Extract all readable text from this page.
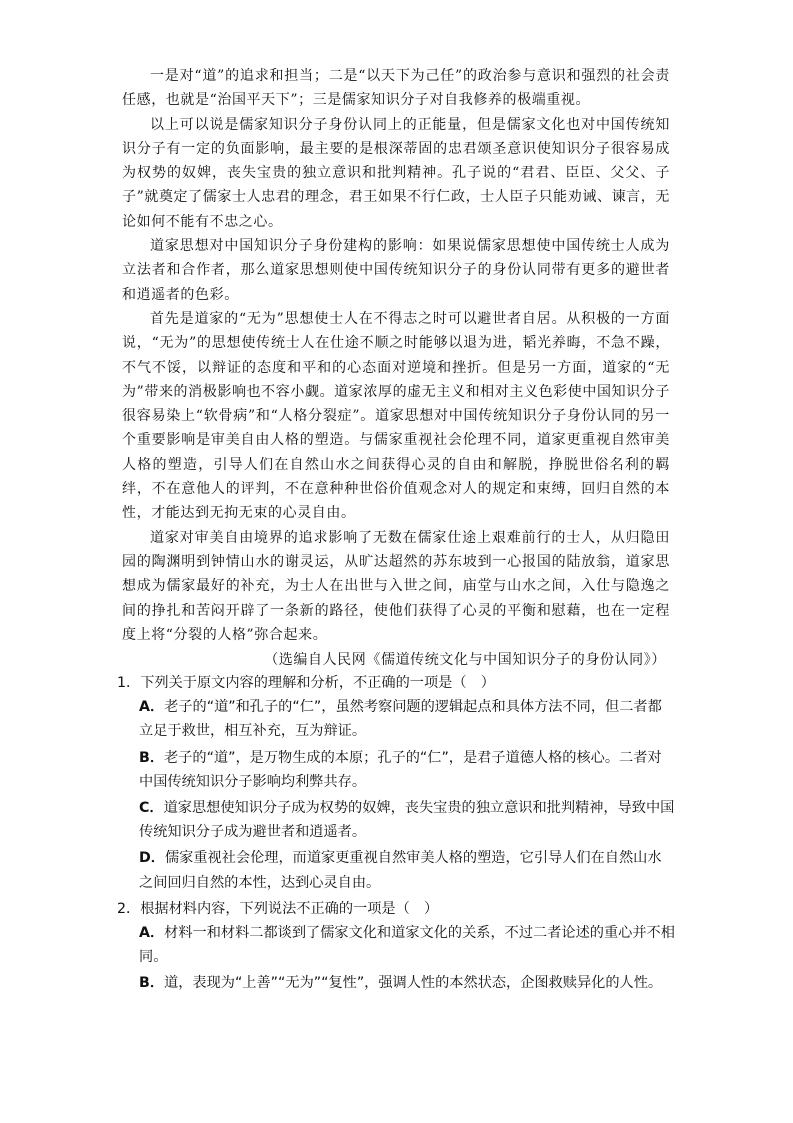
一是对“道”的追求和担当；二是“以天下为己任”的政治参与意识和强烈的社会责任感，也就是“治国平天下”；三是儒家知识分子对自我修养的极端重视。

以上可以说是儒家知识分子身份认同上的正能量，但是儒家文化也对中国传统知识分子有一定的负面影响，最主要的是根深蒂固的忠君颂圣意识使知识分子很容易成为权势的奴婢，丧失宝贵的独立意识和批判精神。孔子说的“君君、臣臣、父父、子子”就奠定了儒家士人忠君的理念，君王如果不行仁政，士人臣子只能劝诫、谏言，无论如何不能有不忠之心。

道家思想对中国知识分子身份建构的影响：如果说儒家思想使中国传统士人成为立法者和合作者，那么道家思想则使中国传统知识分子的身份认同带有更多的避世者和逍遥者的色彩。

首先是道家的“无为”思想使士人在不得志之时可以避世者自居。从积极的一方面说，“无为”的思想使传统士人在仕途不顺之时能够以退为进，韬光养晦，不急不躁，不气不馁，以辩证的态度和平和的心态面对逆境和挫折。但是另一方面，道家的“无为”带来的消极影响也不容小觑。道家浓厚的虚无主义和相对主义色彩使中国知识分子很容易染上“软骨病”和“人格分裂症”。道家思想对中国传统知识分子身份认同的另一个重要影响是审美自由人格的塑造。与儒家重视社会伦理不同，道家更重视自然审美人格的塑造，引导人们在自然山水之间获得心灵的自由和解脱，挣脱世俗名利的羁绊，不在意他人的评判，不在意种种世俗价值观念对人的规定和束缚，回归自然的本性，才能达到无拘无束的心灵自由。

道家对审美自由境界的追求影响了无数在儒家仕途上艰难前行的士人，从归隐田园的陶渊明到钟情山水的谢灵运，从旷达超然的苏东坡到一心报国的陆放翁，道家思想成为儒家最好的补充，为士人在出世与入世之间，庙堂与山水之间，入仕与隐逸之间的挣扎和苦闷开辟了一条新的路径，使他们获得了心灵的平衡和慰藉，也在一定程度上将“分裂的人格”弥合起来。

（选编自人民网《儒道传统文化与中国知识分子的身份认同》）

1．下列关于原文内容的理解和分析，不正确的一项是（　）

A．老子的“道”和孔子的“仁”，虽然考察问题的逻辑起点和具体方法不同，但二者都立足于救世，相互补充，互为辩证。

B．老子的“道”，是万物生成的本原；孔子的“仁”，是君子道德人格的核心。二者对中国传统知识分子影响均利弊共存。

C．道家思想使知识分子成为权势的奴婢，丧失宝贵的独立意识和批判精神，导致中国传统知识分子成为避世者和逍遥者。

D．儒家重视社会伦理，而道家更重视自然审美人格的塑造，它引导人们在自然山水之间回归自然的本性，达到心灵自由。

2．根据材料内容，下列说法不正确的一项是（　）

A．材料一和材料二都谈到了儒家文化和道家文化的关系，不过二者论述的重心并不相同。

B．道，表现为“上善”“无为”“复性”，强调人性的本然状态，企图救赎异化的人性。
